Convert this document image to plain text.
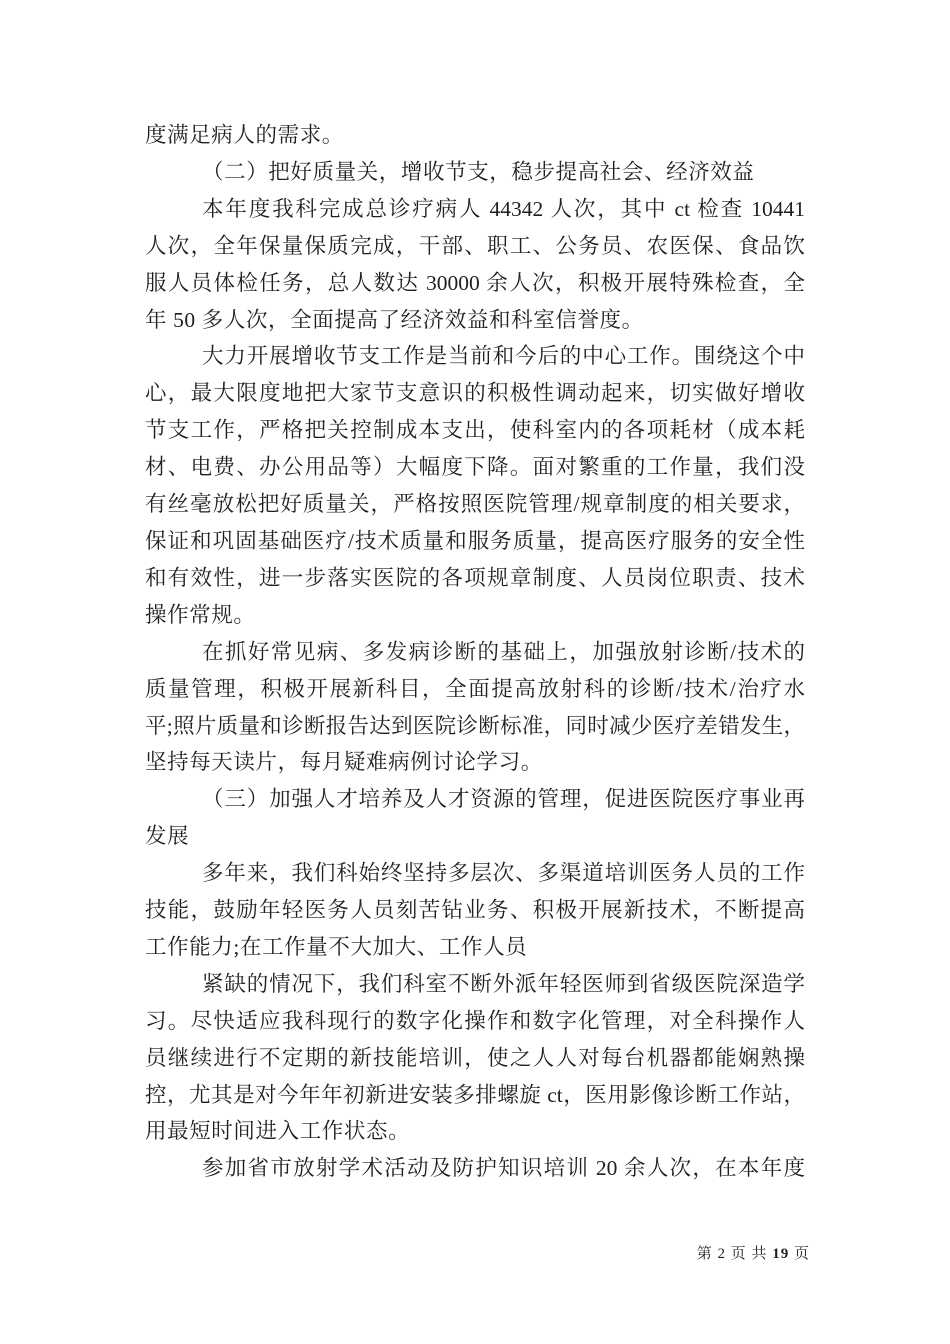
度满足病人的需求。
（二）把好质量关，增收节支，稳步提高社会、经济效益
本年度我科完成总诊疗病人 44342 人次，其中 ct 检查 10441
人次，全年保量保质完成，干部、职工、公务员、农医保、食品饮
服人员体检任务，总人数达 30000 余人次，积极开展特殊检查，全
年 50 多人次，全面提高了经济效益和科室信誉度。
大力开展增收节支工作是当前和今后的中心工作。围绕这个中
心，最大限度地把大家节支意识的积极性调动起来，切实做好增收
节支工作，严格把关控制成本支出，使科室内的各项耗材（成本耗
材、电费、办公用品等）大幅度下降。面对繁重的工作量，我们没
有丝毫放松把好质量关，严格按照医院管理/规章制度的相关要求，
保证和巩固基础医疗/技术质量和服务质量，提高医疗服务的安全性
和有效性，进一步落实医院的各项规章制度、人员岗位职责、技术
操作常规。
在抓好常见病、多发病诊断的基础上，加强放射诊断/技术的
质量管理，积极开展新科目，全面提高放射科的诊断/技术/治疗水
平;照片质量和诊断报告达到医院诊断标准，同时减少医疗差错发生，
坚持每天读片，每月疑难病例讨论学习。
（三）加强人才培养及人才资源的管理，促进医院医疗事业再
发展
多年来，我们科始终坚持多层次、多渠道培训医务人员的工作
技能，鼓励年轻医务人员刻苦钻业务、积极开展新技术，不断提高
工作能力;在工作量不大加大、工作人员
紧缺的情况下，我们科室不断外派年轻医师到省级医院深造学
习。尽快适应我科现行的数字化操作和数字化管理，对全科操作人
员继续进行不定期的新技能培训，使之人人对每台机器都能娴熟操
控，尤其是对今年年初新进安装多排螺旋 ct，医用影像诊断工作站，
用最短时间进入工作状态。
参加省市放射学术活动及防护知识培训 20 余人次，在本年度
第 2 页 共 19 页
